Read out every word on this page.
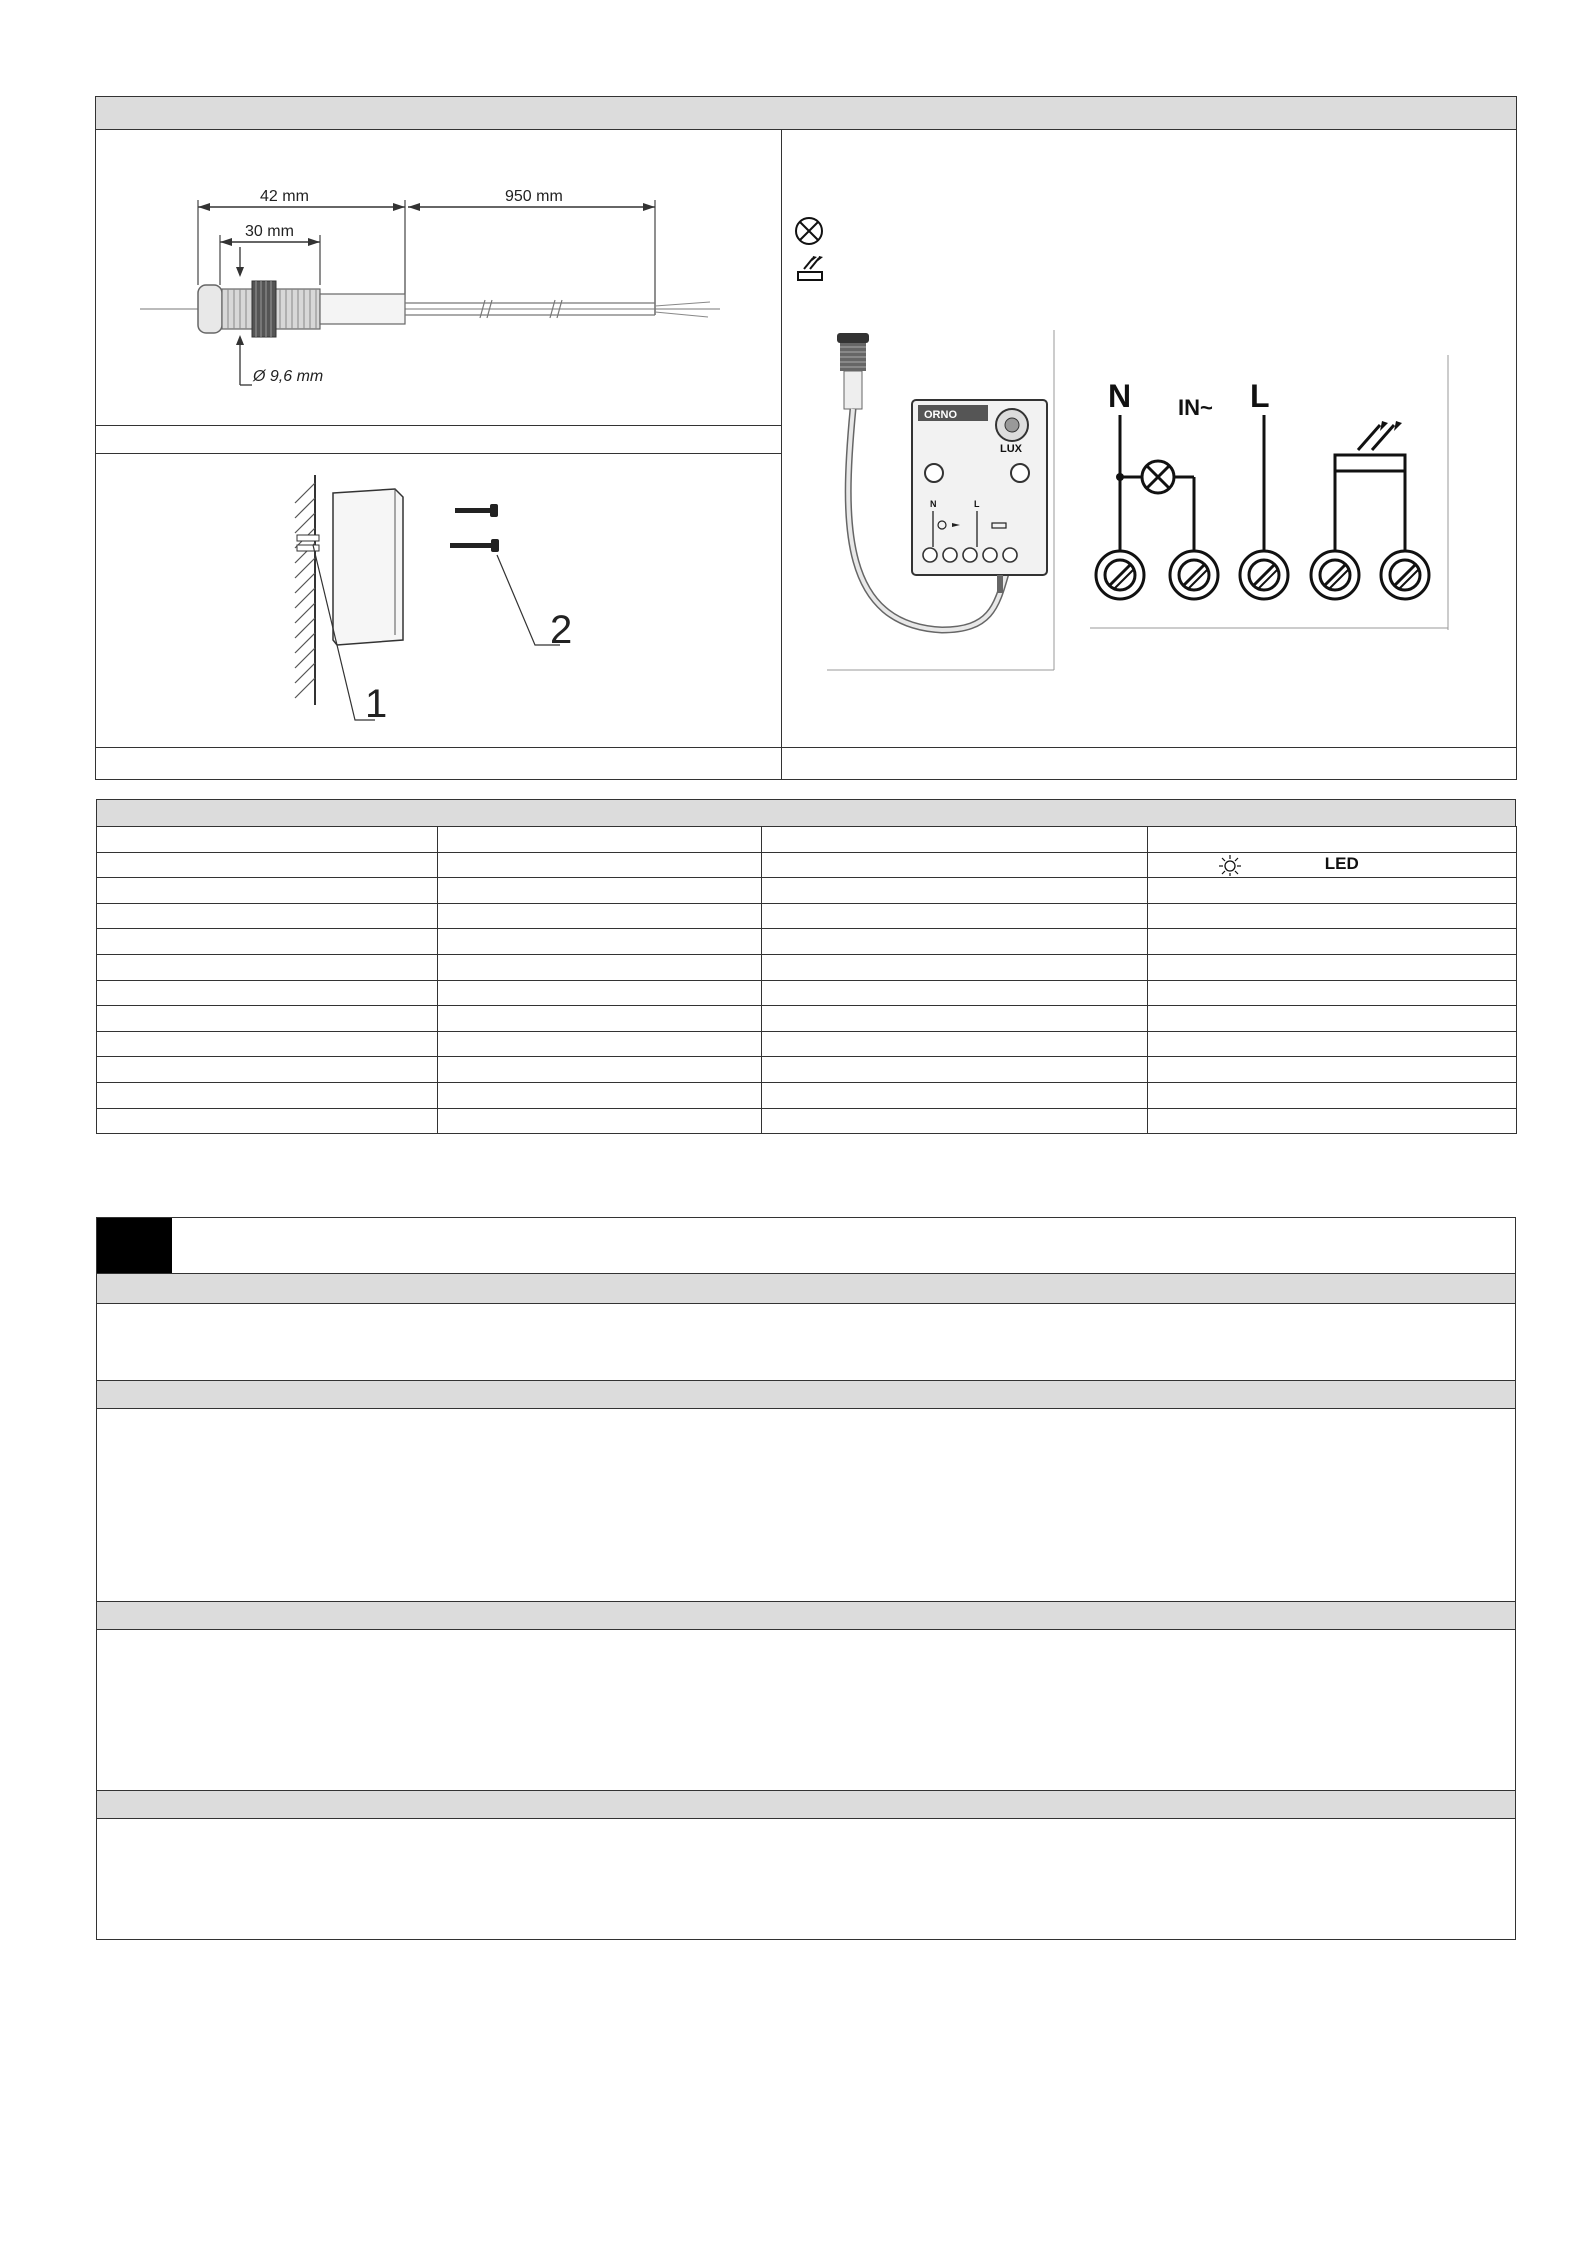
42 mm	950 mm
30 mm
Ø 9,6 mm
2
1
ORNO
LUX
N	L
N IN~ L

			LED
